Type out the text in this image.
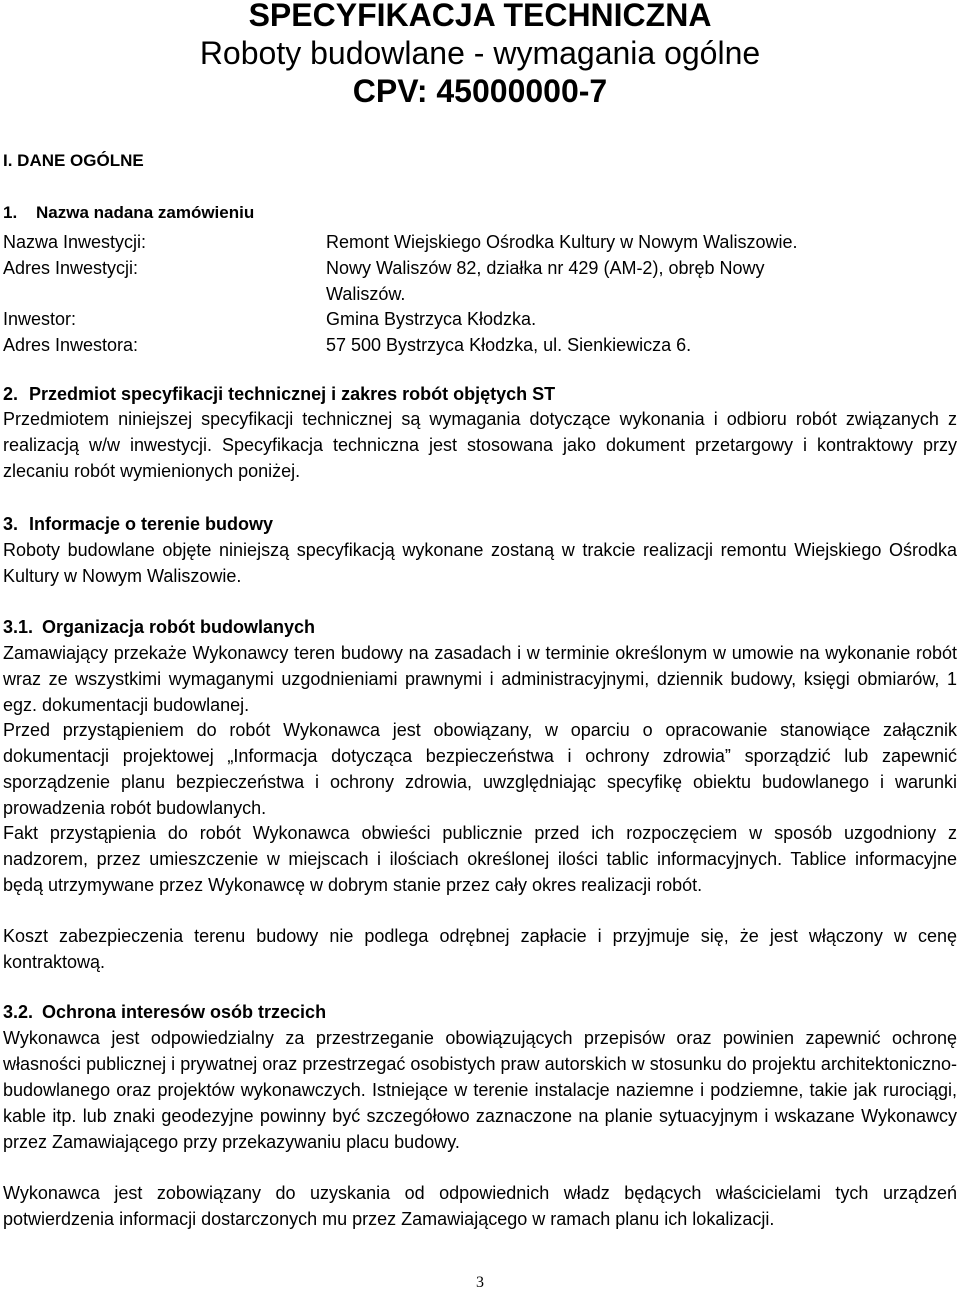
SPECYFIKACJA TECHNICZNA
Roboty budowlane - wymagania ogólne
CPV: 45000000-7
I. DANE OGÓLNE
1. Nazwa nadana zamówieniu
Nazwa Inwestycji:	Remont Wiejskiego Ośrodka Kultury w Nowym Waliszowie.
Adres Inwestycji:	Nowy Waliszów 82, działka nr 429 (AM-2), obręb Nowy
Waliszów.
Inwestor:	Gmina Bystrzyca Kłodzka.
Adres Inwestora:	57 500 Bystrzyca Kłodzka, ul. Sienkiewicza 6.
2. Przedmiot specyfikacji technicznej i zakres robót objętych ST

Przedmiotem niniejszej specyfikacji technicznej są wymagania dotyczące wykonania i odbioru robót związanych z realizacją w/w inwestycji. Specyfikacja techniczna jest stosowana jako dokument przetargowy i kontraktowy przy zlecaniu robót wymienionych poniżej.

3. Informacje o terenie budowy

Roboty budowlane objęte niniejszą specyfikacją wykonane zostaną w trakcie realizacji remontu Wiejskiego Ośrodka Kultury w Nowym Waliszowie.

3.1. Organizacja robót budowlanych

Zamawiający przekaże Wykonawcy teren budowy na zasadach i w terminie określonym w umowie na wykonanie robót wraz ze wszystkimi wymaganymi uzgodnieniami prawnymi i administracyjnymi, dziennik budowy, księgi obmiarów, 1 egz. dokumentacji budowlanej.

Przed przystąpieniem do robót Wykonawca jest obowiązany, w oparciu o opracowanie stanowiące załącznik dokumentacji projektowej „Informacja dotycząca bezpieczeństwa i ochrony zdrowia” sporządzić lub zapewnić sporządzenie planu bezpieczeństwa i ochrony zdrowia, uwzględniając specyfikę obiektu budowlanego i warunki prowadzenia robót budowlanych.

Fakt przystąpienia do robót Wykonawca obwieści publicznie przed ich rozpoczęciem w sposób uzgodniony z nadzorem, przez umieszczenie w miejscach i ilościach określonej ilości tablic informacyjnych. Tablice informacyjne będą utrzymywane przez Wykonawcę w dobrym stanie przez cały okres realizacji robót.

Koszt zabezpieczenia terenu budowy nie podlega odrębnej zapłacie i przyjmuje się, że jest włączony w cenę kontraktową.

3.2. Ochrona interesów osób trzecich

Wykonawca jest odpowiedzialny za przestrzeganie obowiązujących przepisów oraz powinien zapewnić ochronę własności publicznej i prywatnej oraz przestrzegać osobistych praw autorskich w stosunku do projektu architektoniczno-budowlanego oraz projektów wykonawczych. Istniejące w terenie instalacje naziemne i podziemne, takie jak rurociągi, kable itp. lub znaki geodezyjne powinny być szczegółowo zaznaczone na planie sytuacyjnym i wskazane Wykonawcy przez Zamawiającego przy przekazywaniu placu budowy.

Wykonawca jest zobowiązany do uzyskania od odpowiednich władz będących właścicielami tych urządzeń potwierdzenia informacji dostarczonych mu przez Zamawiającego w ramach planu ich lokalizacji.

3
